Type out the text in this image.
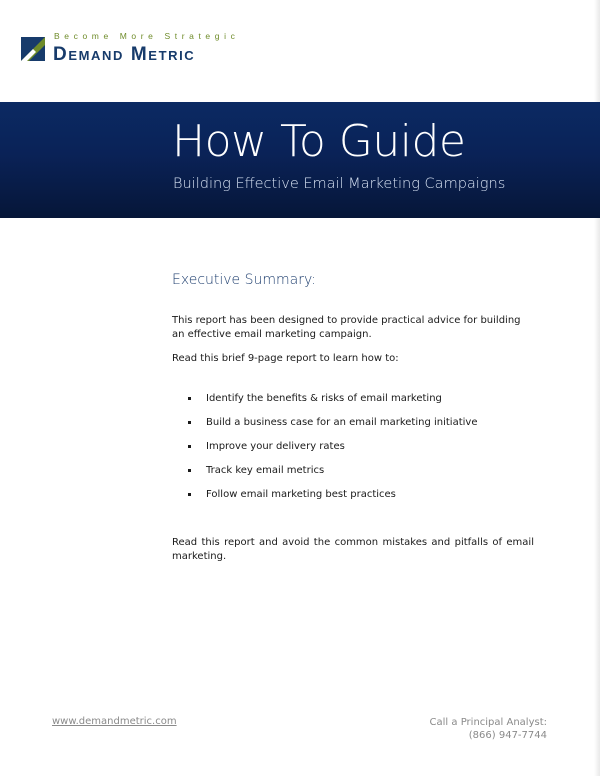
Become More Strategic
Demand Metric
How To Guide
Building Effective Email Marketing Campaigns
Executive Summary:

This report has been designed to provide practical advice for building an effective email marketing campaign.

Read this brief 9-page report to learn how to:

Identify the benefits & risks of email marketing
Build a business case for an email marketing initiative
Improve your delivery rates
Track key email metrics
Follow email marketing best practices

Read this report and avoid the common mistakes and pitfalls of email marketing.

www.demandmetric.com	Call a Principal Analyst:
(866) 947-7744
